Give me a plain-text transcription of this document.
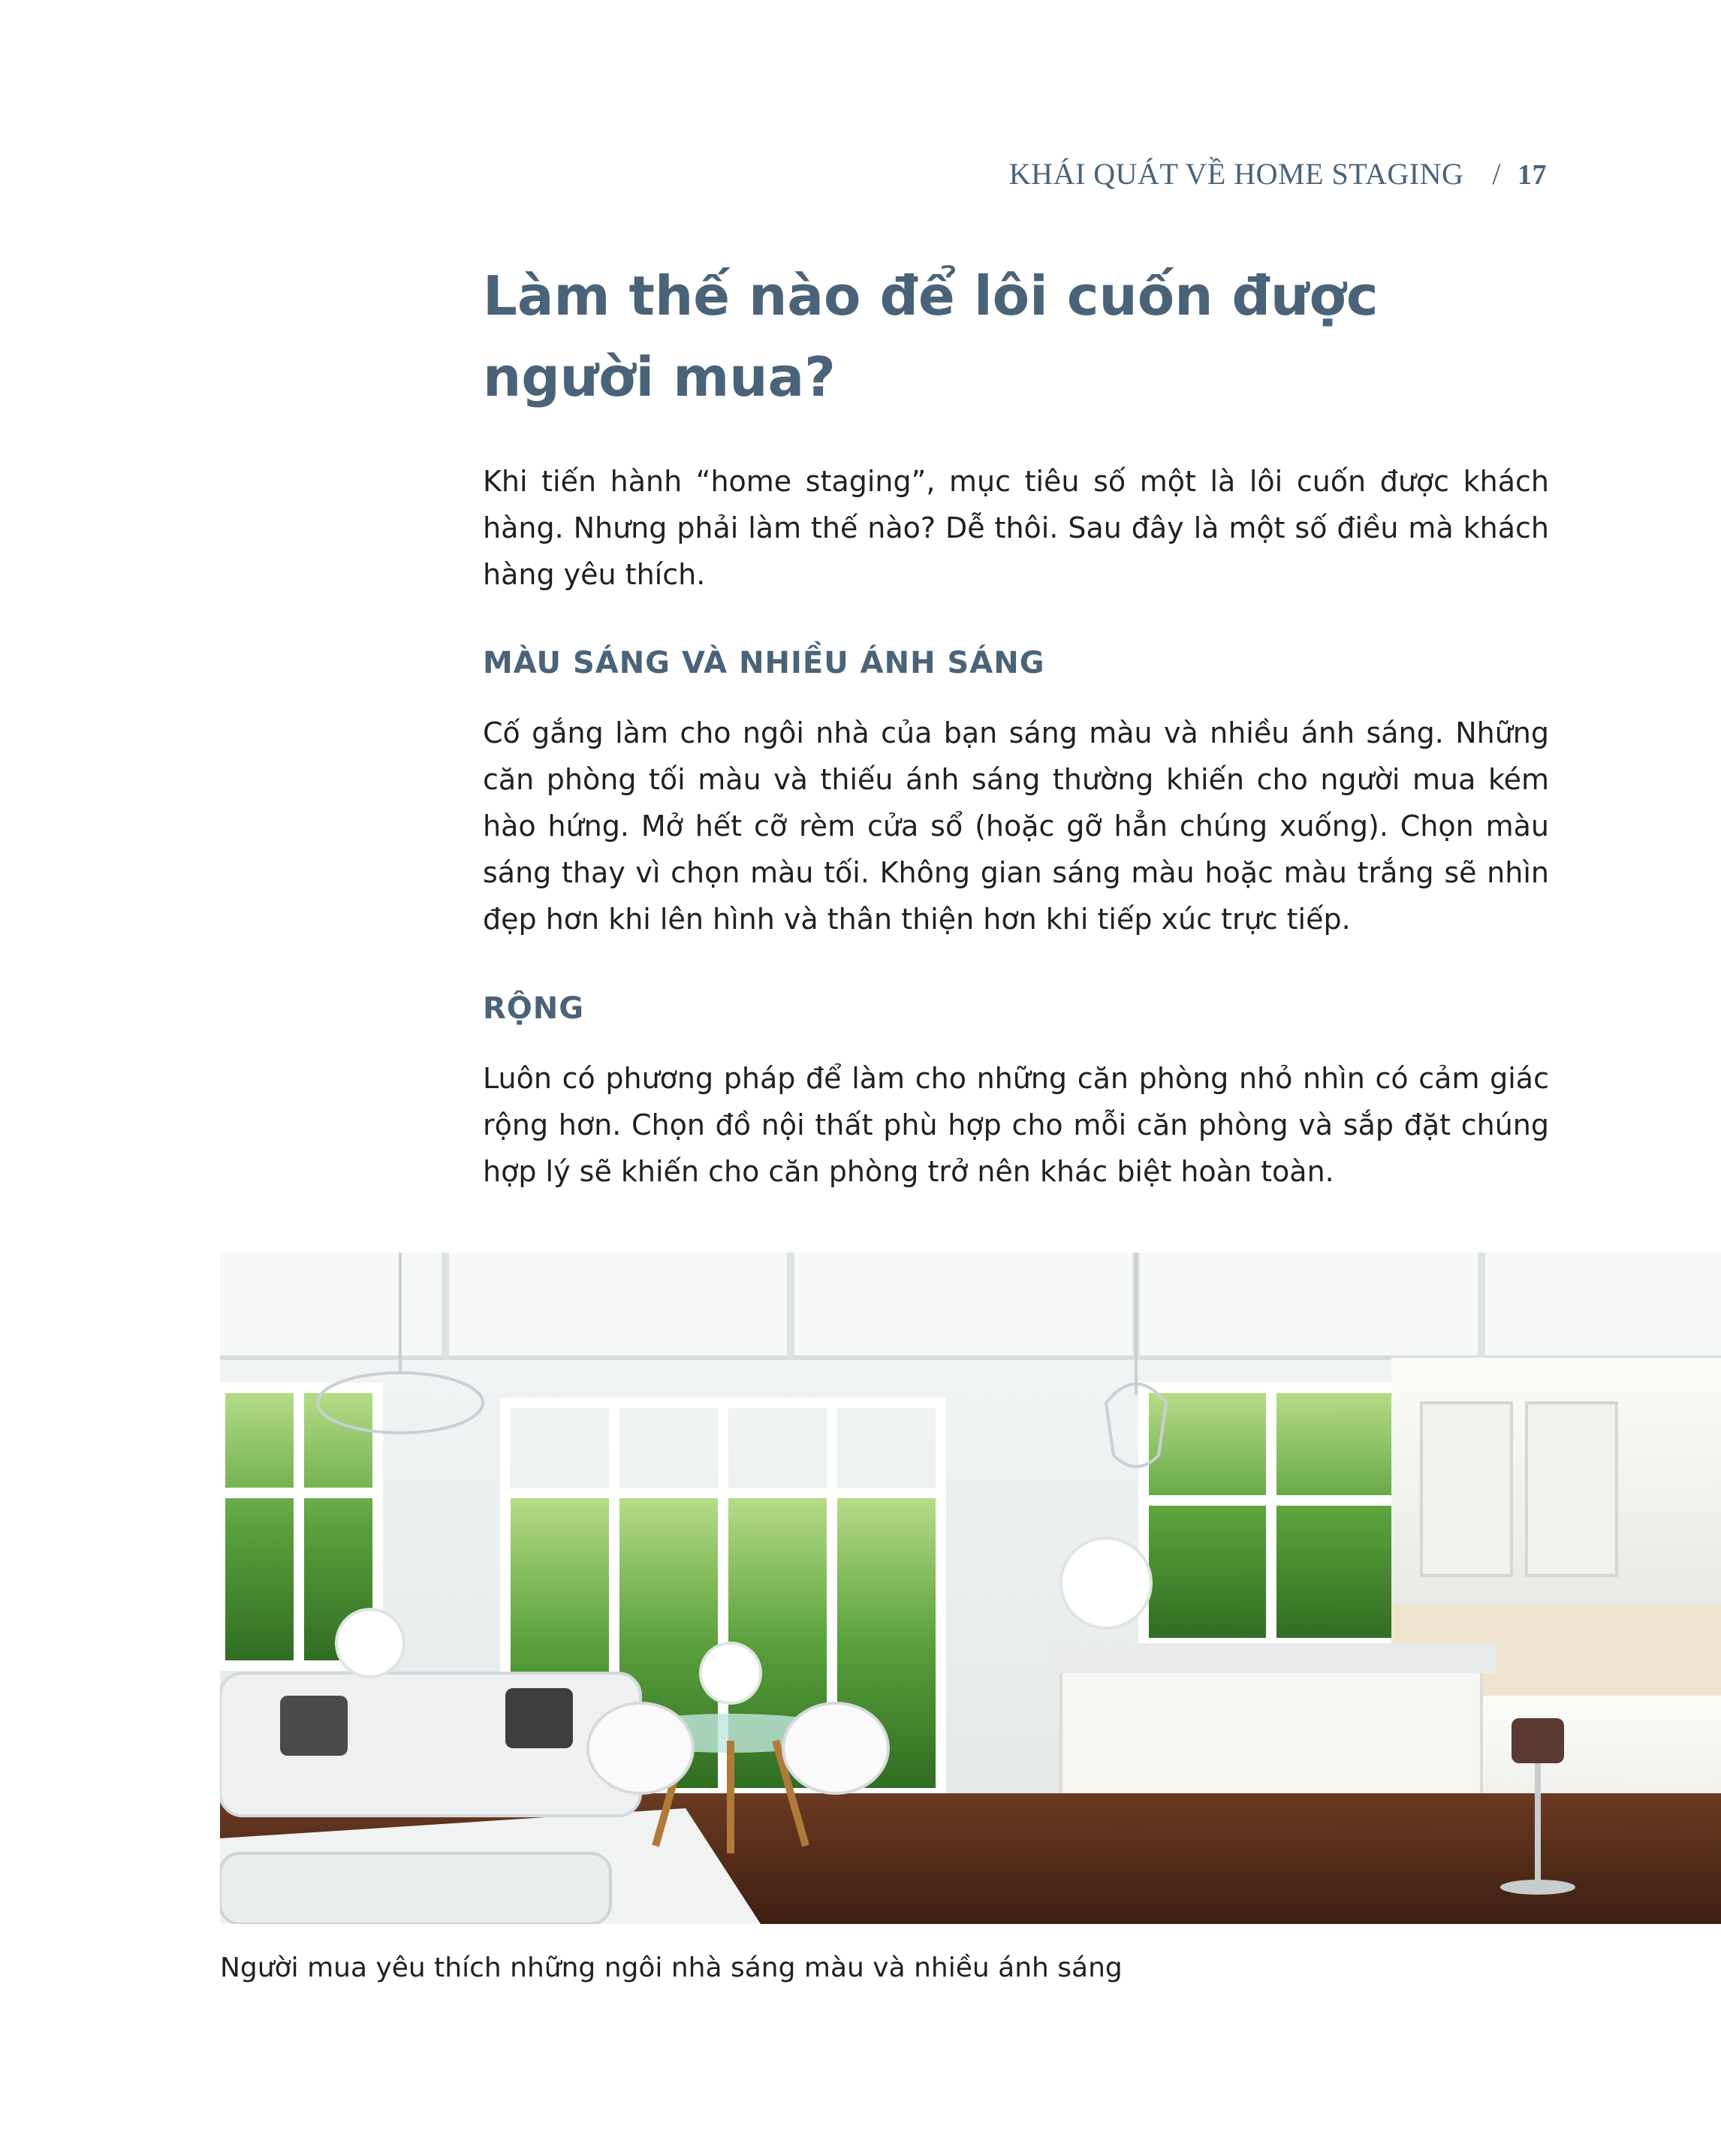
KHÁI QUÁT VỀ HOME STAGING / 17
Làm thế nào để lôi cuốn được người mua?

Khi tiến hành “home staging”, mục tiêu số một là lôi cuốn được khách hàng. Nhưng phải làm thế nào? Dễ thôi. Sau đây là một số điều mà khách hàng yêu thích.

MÀU SÁNG VÀ NHIỀU ÁNH SÁNG

Cố gắng làm cho ngôi nhà của bạn sáng màu và nhiều ánh sáng. Những căn phòng tối màu và thiếu ánh sáng thường khiến cho người mua kém hào hứng. Mở hết cỡ rèm cửa sổ (hoặc gỡ hẳn chúng xuống). Chọn màu sáng thay vì chọn màu tối. Không gian sáng màu hoặc màu trắng sẽ nhìn đẹp hơn khi lên hình và thân thiện hơn khi tiếp xúc trực tiếp.

RỘNG

Luôn có phương pháp để làm cho những căn phòng nhỏ nhìn có cảm giác rộng hơn. Chọn đồ nội thất phù hợp cho mỗi căn phòng và sắp đặt chúng hợp lý sẽ khiến cho căn phòng trở nên khác biệt hoàn toàn.

Người mua yêu thích những ngôi nhà sáng màu và nhiều ánh sáng
